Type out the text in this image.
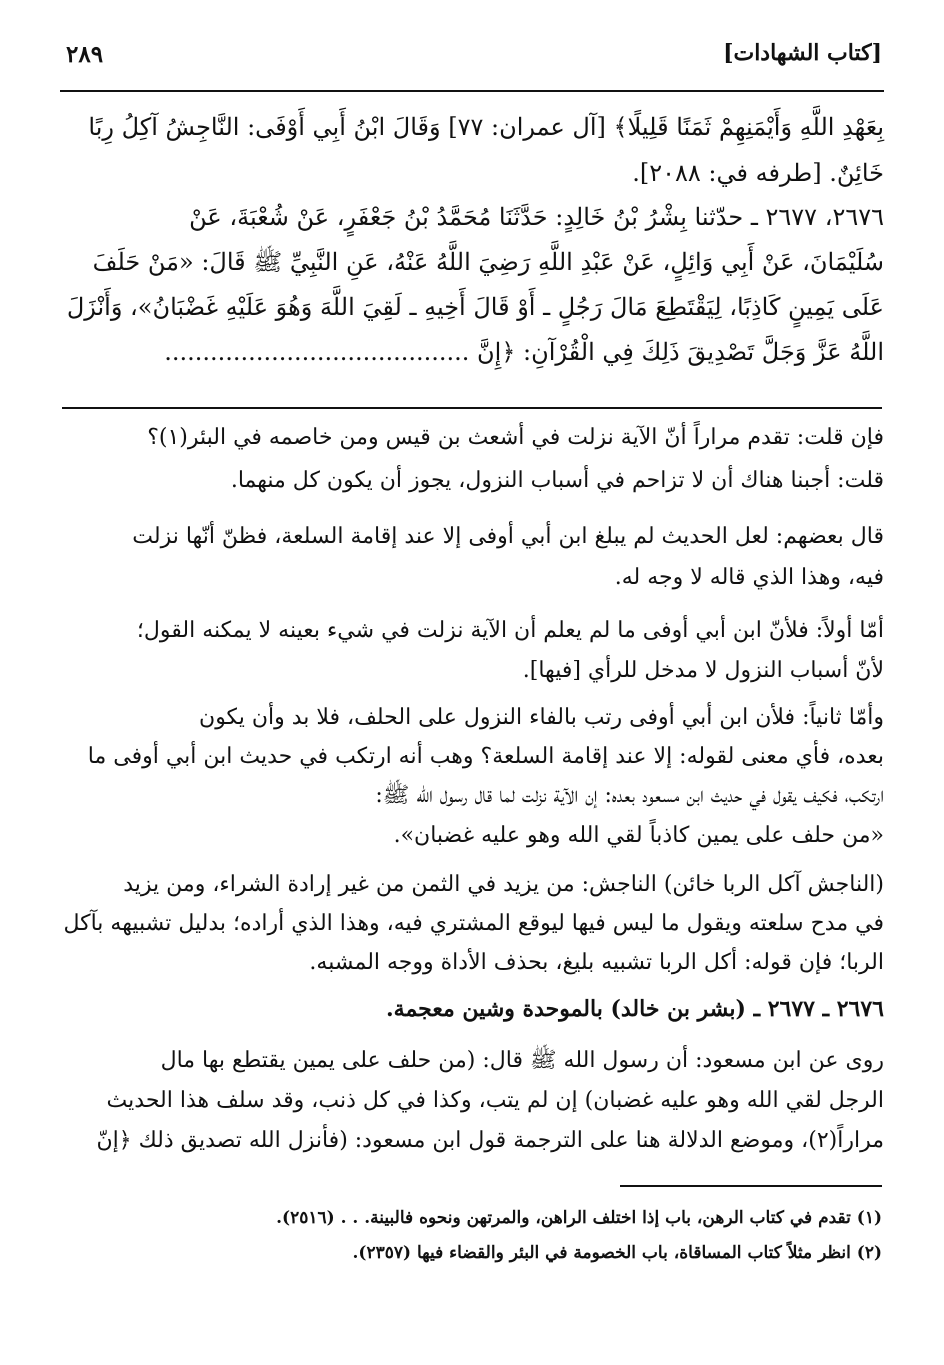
٢٨٩	[كتاب الشهادات]
بِعَهْدِ اللَّهِ وَأَيْمَنِهِمْ ثَمَنًا قَلِيلًا﴾ [آل عمران: ٧٧] وَقَالَ ابْنُ أَبِي أَوْفَى: النَّاجِشُ آكِلُ رِبًا
خَائِنٌ. [طرفه في: ٢٠٨٨].
٢٦٧٦، ٢٦٧٧ ـ حدّثنا بِشْرُ بْنُ خَالِدٍ: حَدَّثَنَا مُحَمَّدُ بْنُ جَعْفَرٍ، عَنْ شُعْبَةَ، عَنْ
سُلَيْمَانَ، عَنْ أَبِي وَائِلٍ، عَنْ عَبْدِ اللَّهِ رَضِيَ اللَّهُ عَنْهُ، عَنِ النَّبِيِّ ﷺ قَالَ: «مَنْ حَلَفَ
عَلَى يَمِينٍ كَاذِبًا، لِيَقْتَطِعَ مَالَ رَجُلٍ ـ أَوْ قَالَ أَخِيهِ ـ لَقِيَ اللَّهَ وَهُوَ عَلَيْهِ غَضْبَانُ»، وَأَنْزَلَ
اللَّهُ عَزَّ وَجَلَّ تَصْدِيقَ ذَلِكَ فِي الْقُرْآنِ: ﴿إِنَّ ........................................
فإن قلت: تقدم مراراً أنّ الآية نزلت في أشعث بن قيس ومن خاصمه في البئر(١)؟
قلت: أجبنا هناك أن لا تزاحم في أسباب النزول، يجوز أن يكون كل منهما.
قال بعضهم: لعل الحديث لم يبلغ ابن أبي أوفى إلا عند إقامة السلعة، فظنّ أنّها نزلت
فيه، وهذا الذي قاله لا وجه له.
أمّا أولاً: فلأنّ ابن أبي أوفى ما لم يعلم أن الآية نزلت في شيء بعينه لا يمكنه القول؛
لأنّ أسباب النزول لا مدخل للرأي [فيها].
وأمّا ثانياً: فلأن ابن أبي أوفى رتب بالفاء النزول على الحلف، فلا بد وأن يكون
بعده، فأي معنى لقوله: إلا عند إقامة السلعة؟ وهب أنه ارتكب في حديث ابن أبي أوفى ما
ارتكب، فكيف يقول في حديث ابن مسعود بعده: إن الآية نزلت لما قال رسول الله ﷺ:
«من حلف على يمين كاذباً لقي الله وهو عليه غضبان».
(الناجش آكل الربا خائن) الناجش: من يزيد في الثمن من غير إرادة الشراء، ومن يزيد
في مدح سلعته ويقول ما ليس فيها ليوقع المشتري فيه، وهذا الذي أراده؛ بدليل تشبيهه بآكل
الربا؛ فإن قوله: أكل الربا تشبيه بليغ، بحذف الأداة ووجه المشبه.
٢٦٧٦ ـ ٢٦٧٧ ـ (بشر بن خالد) بالموحدة وشين معجمة.
روى عن ابن مسعود: أن رسول الله ﷺ قال: (من حلف على يمين يقتطع بها مال
الرجل لقي الله وهو عليه غضبان) إن لم يتب، وكذا في كل ذنب، وقد سلف هذا الحديث
مراراً(٢)، وموضع الدلالة هنا على الترجمة قول ابن مسعود: (فأنزل الله تصديق ذلك ﴿إنّ
(١) تقدم في كتاب الرهن، باب إذا اختلف الراهن، والمرتهن ونحوه فالبينة. . . (٢٥١٦).
(٢) انظر مثلاً كتاب المساقاة، باب الخصومة في البئر والقضاء فيها (٢٣٥٧).
